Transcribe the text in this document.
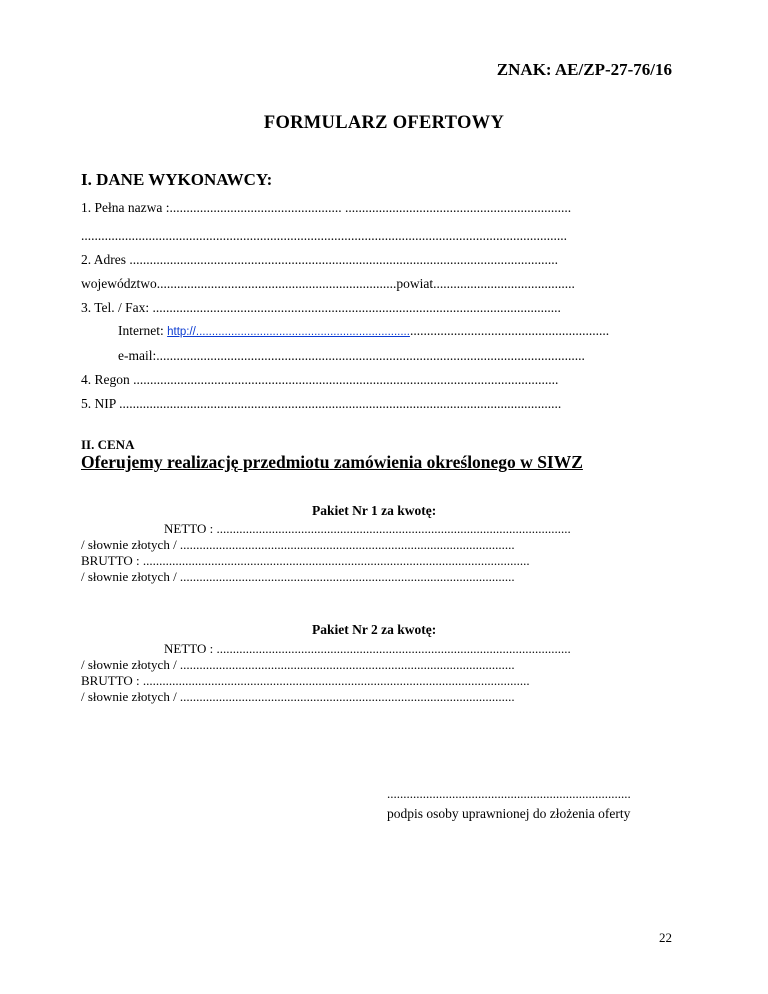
ZNAK: AE/ZP-27-76/16
FORMULARZ OFERTOWY
I. DANE WYKONAWCY:
1. Pełna nazwa :................................................... ...................................................................
................................................................................................................................................
2. Adres ...............................................................................................................................
województwo.......................................................................powiat..........................................
3. Tel. / Fax: .........................................................................................................................
Internet: http://..............................................................................................................................
e-mail:...............................................................................................................................
4. Regon ..............................................................................................................................
5. NIP ...................................................................................................................................
II. CENA
Oferujemy realizację przedmiotu zamówienia określonego w SIWZ
Pakiet Nr 1 za kwotę:
NETTO : .............................................................................................................
/ słownie złotych / .......................................................................................................
BRUTTO : .......................................................................................................................
/ słownie złotych / .......................................................................................................
Pakiet Nr 2 za kwotę:
NETTO : .............................................................................................................
/ słownie złotych / .......................................................................................................
BRUTTO : .......................................................................................................................
/ słownie złotych / .......................................................................................................
...........................................................................
podpis osoby uprawnionej do złożenia oferty
22
